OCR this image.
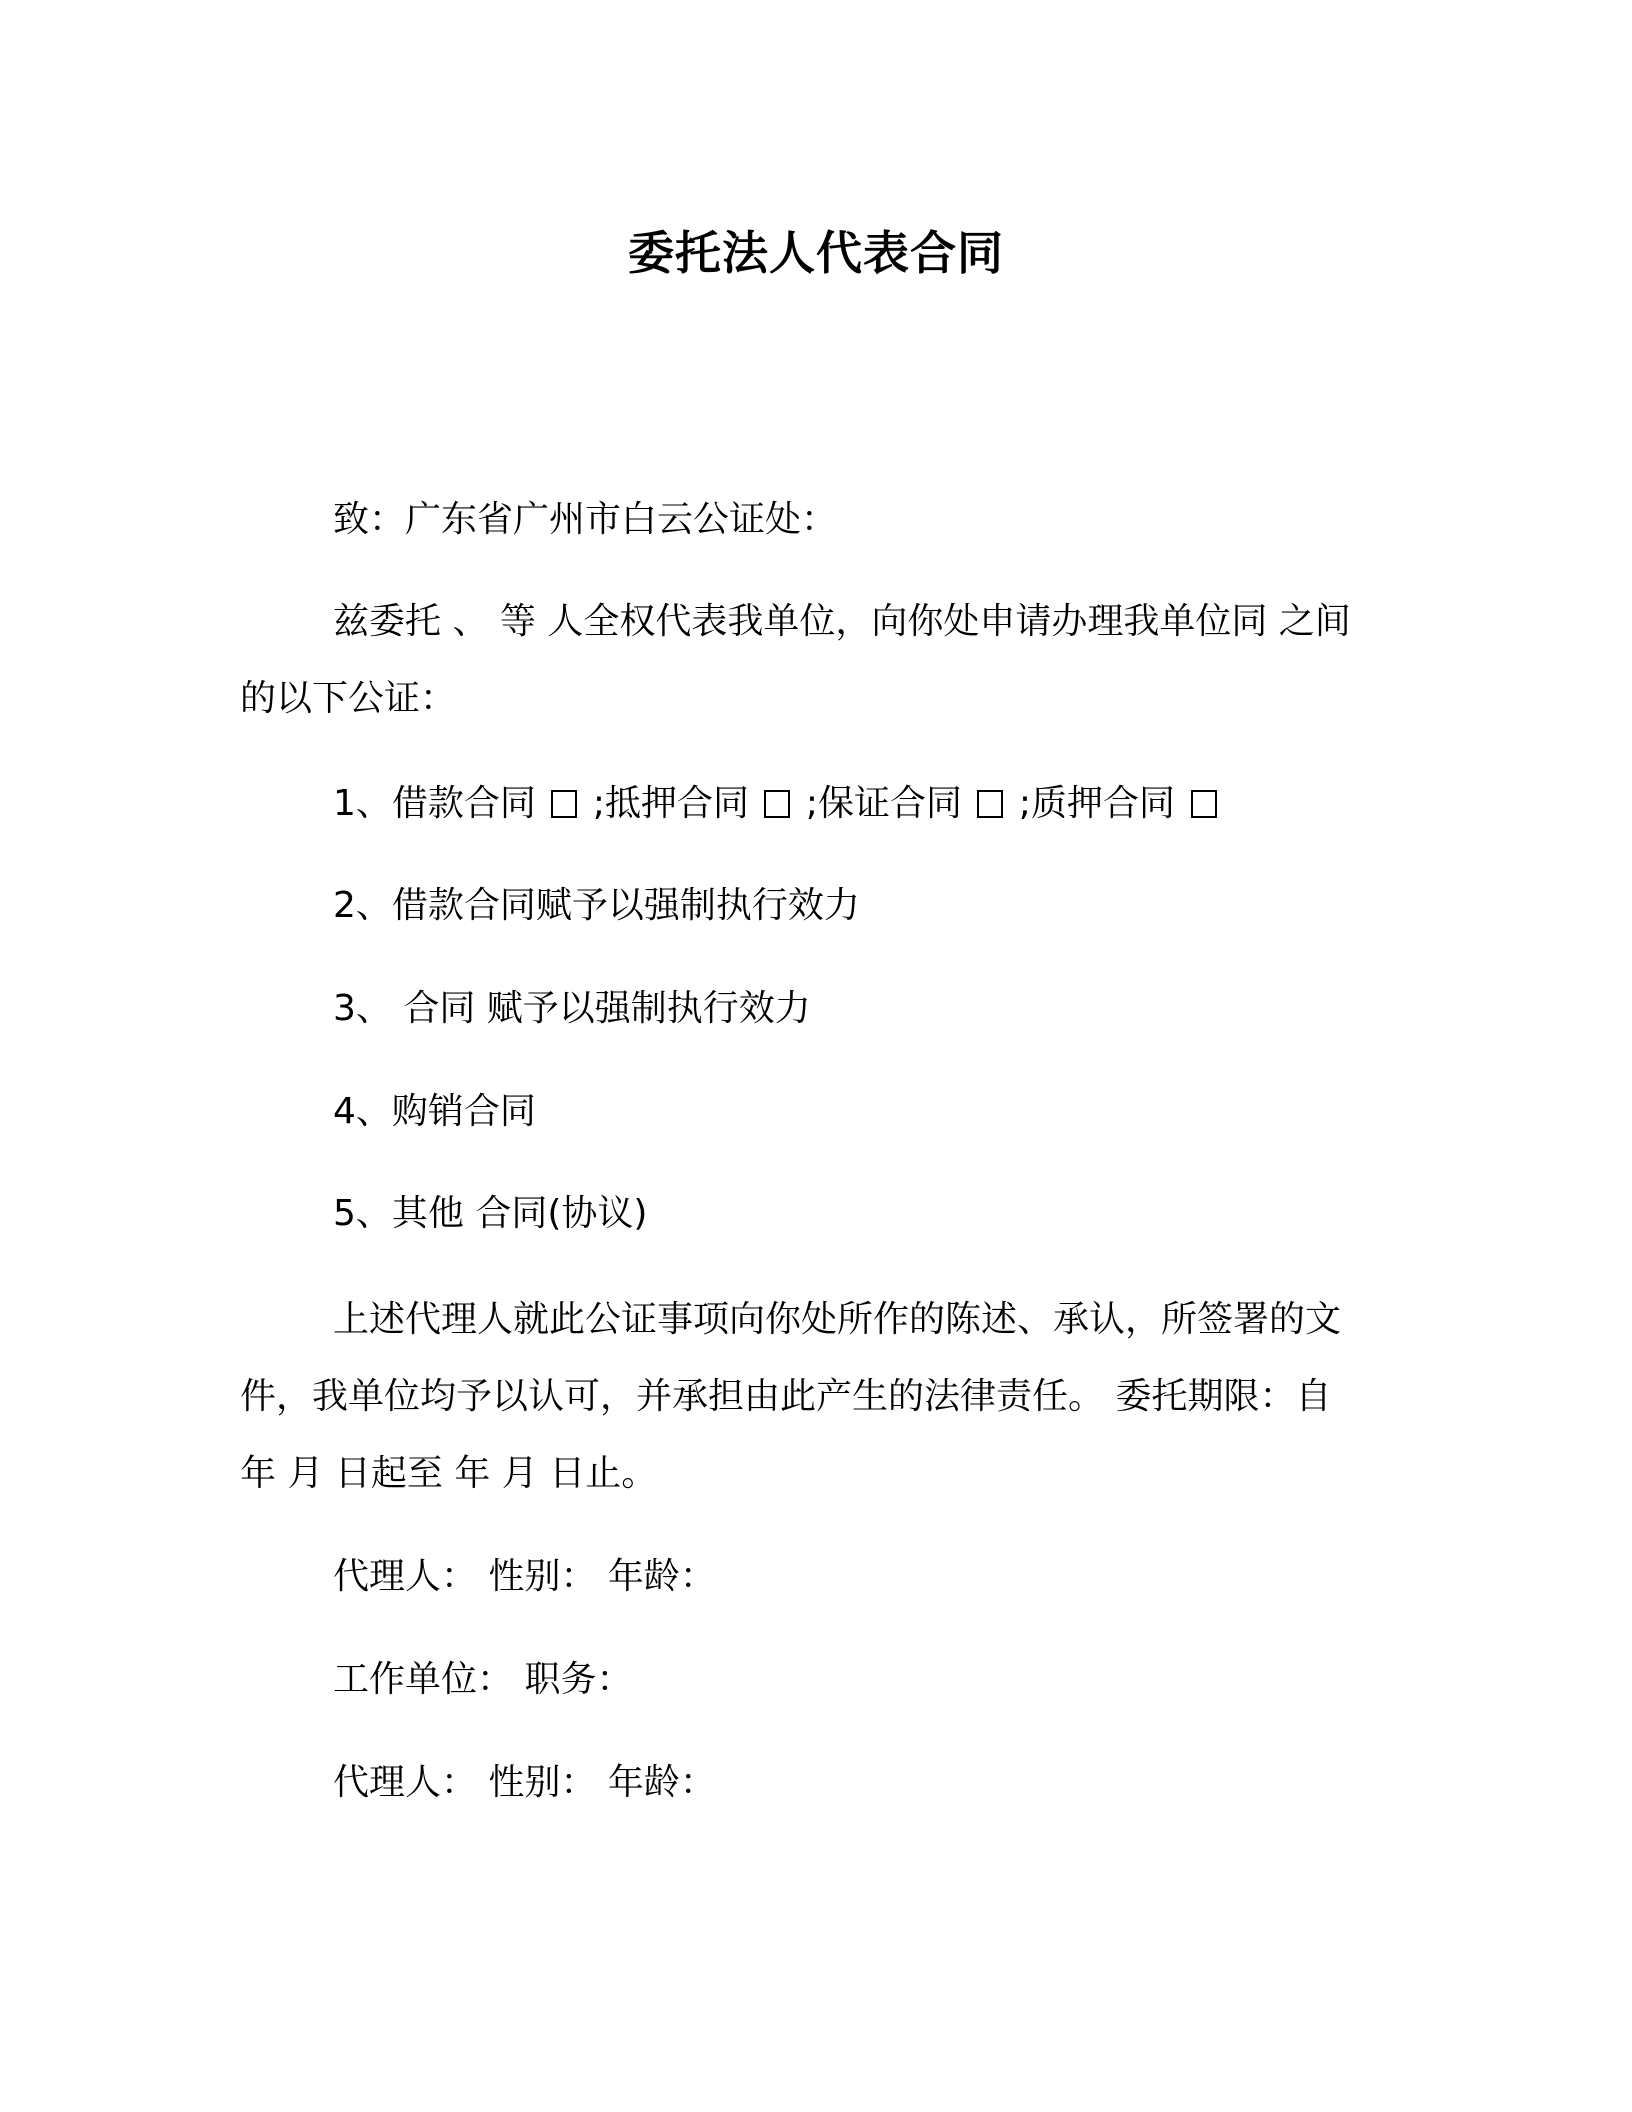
委托法人代表合同
致：广东省广州市白云公证处：
兹委托 、 等 人全权代表我单位，向你处申请办理我单位同 之间
的以下公证：
1、借款合同 ;抵押合同 ;保证合同 ;质押合同
2、借款合同赋予以强制执行效力
3、 合同 赋予以强制执行效力
4、购销合同
5、其他 合同(协议)
上述代理人就此公证事项向你处所作的陈述、承认，所签署的文
件，我单位均予以认可，并承担由此产生的法律责任。 委托期限：自
年 月 日起至 年 月 日止。
代理人： 性别： 年龄：
工作单位： 职务：
代理人： 性别： 年龄：
